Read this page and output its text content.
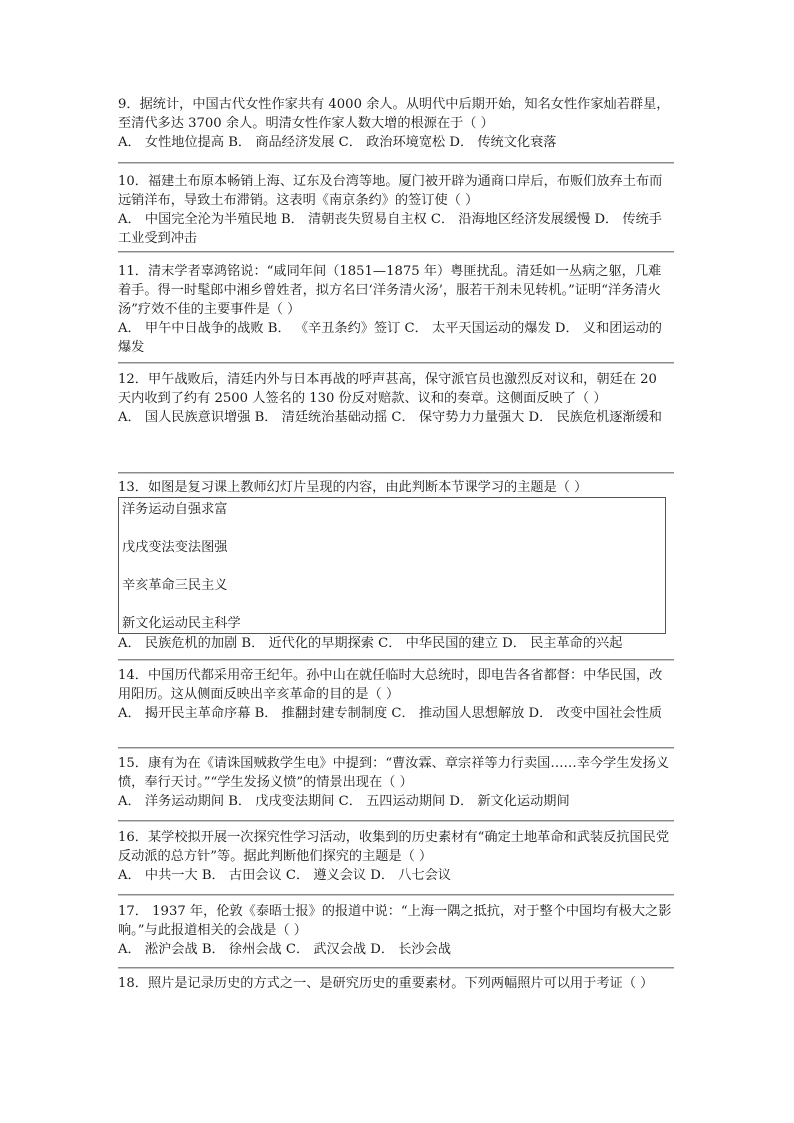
9．据统计，中国古代女性作家共有 4000 余人。从明代中后期开始，知名女性作家灿若群星，至清代多达 3700 余人。明清女性作家人数大增的根源在于（ ）

A． 女性地位提高 B． 商品经济发展 C． 政治环境宽松 D． 传统文化衰落

10．福建土布原本畅销上海、辽东及台湾等地。厦门被开辟为通商口岸后，布贩们放弃土布而远销洋布，导致土布滞销。这表明《南京条约》的签订使（ ）

A． 中国完全沦为半殖民地 B． 清朝丧失贸易自主权 C． 沿海地区经济发展缓慢 D． 传统手工业受到冲击

11．清末学者辜鸿铭说：“咸同年间（1851—1875 年）粤匪扰乱。清廷如一丛病之躯，几难着手。得一时髦郎中湘乡曾姓者，拟方名曰‘洋务清火汤’，服若干剂未见转机。”证明“洋务清火汤”疗效不佳的主要事件是（ ）

A． 甲午中日战争的战败 B． 《辛丑条约》签订 C． 太平天国运动的爆发 D． 义和团运动的爆发

12．甲午战败后，清廷内外与日本再战的呼声甚高，保守派官员也激烈反对议和，朝廷在 20 天内收到了约有 2500 人签名的 130 份反对赔款、议和的奏章。这侧面反映了（ ）

A． 国人民族意识增强 B． 清廷统治基础动摇 C． 保守势力力量强大 D． 民族危机逐渐缓和

13．如图是复习课上教师幻灯片呈现的内容，由此判断本节课学习的主题是（ ）

洋务运动自强求富
戊戌变法变法图强
辛亥革命三民主义
新文化运动民主科学

A． 民族危机的加剧 B． 近代化的早期探索 C． 中华民国的建立 D． 民主革命的兴起

14．中国历代都采用帝王纪年。孙中山在就任临时大总统时，即电告各省都督：中华民国，改用阳历。这从侧面反映出辛亥革命的目的是（ ）

A． 揭开民主革命序幕 B． 推翻封建专制制度 C． 推动国人思想解放 D． 改变中国社会性质

15．康有为在《请诛国贼救学生电》中提到：“曹汝霖、章宗祥等力行卖国……幸今学生发扬义愤，奉行天讨。”“学生发扬义愤”的情景出现在（ ）

A． 洋务运动期间 B． 戊戌变法期间 C． 五四运动期间 D． 新文化运动期间

16．某学校拟开展一次探究性学习活动，收集到的历史素材有“确定土地革命和武装反抗国民党反动派的总方针”等。据此判断他们探究的主题是（ ）

A． 中共一大 B． 古田会议 C． 遵义会议 D． 八七会议

17． 1937 年，伦敦《泰晤士报》的报道中说：“上海一隅之抵抗，对于整个中国均有极大之影响。”与此报道相关的会战是（ ）

A． 淞沪会战 B． 徐州会战 C． 武汉会战 D． 长沙会战

18．照片是记录历史的方式之一、是研究历史的重要素材。下列两幅照片可以用于考证（ ）
